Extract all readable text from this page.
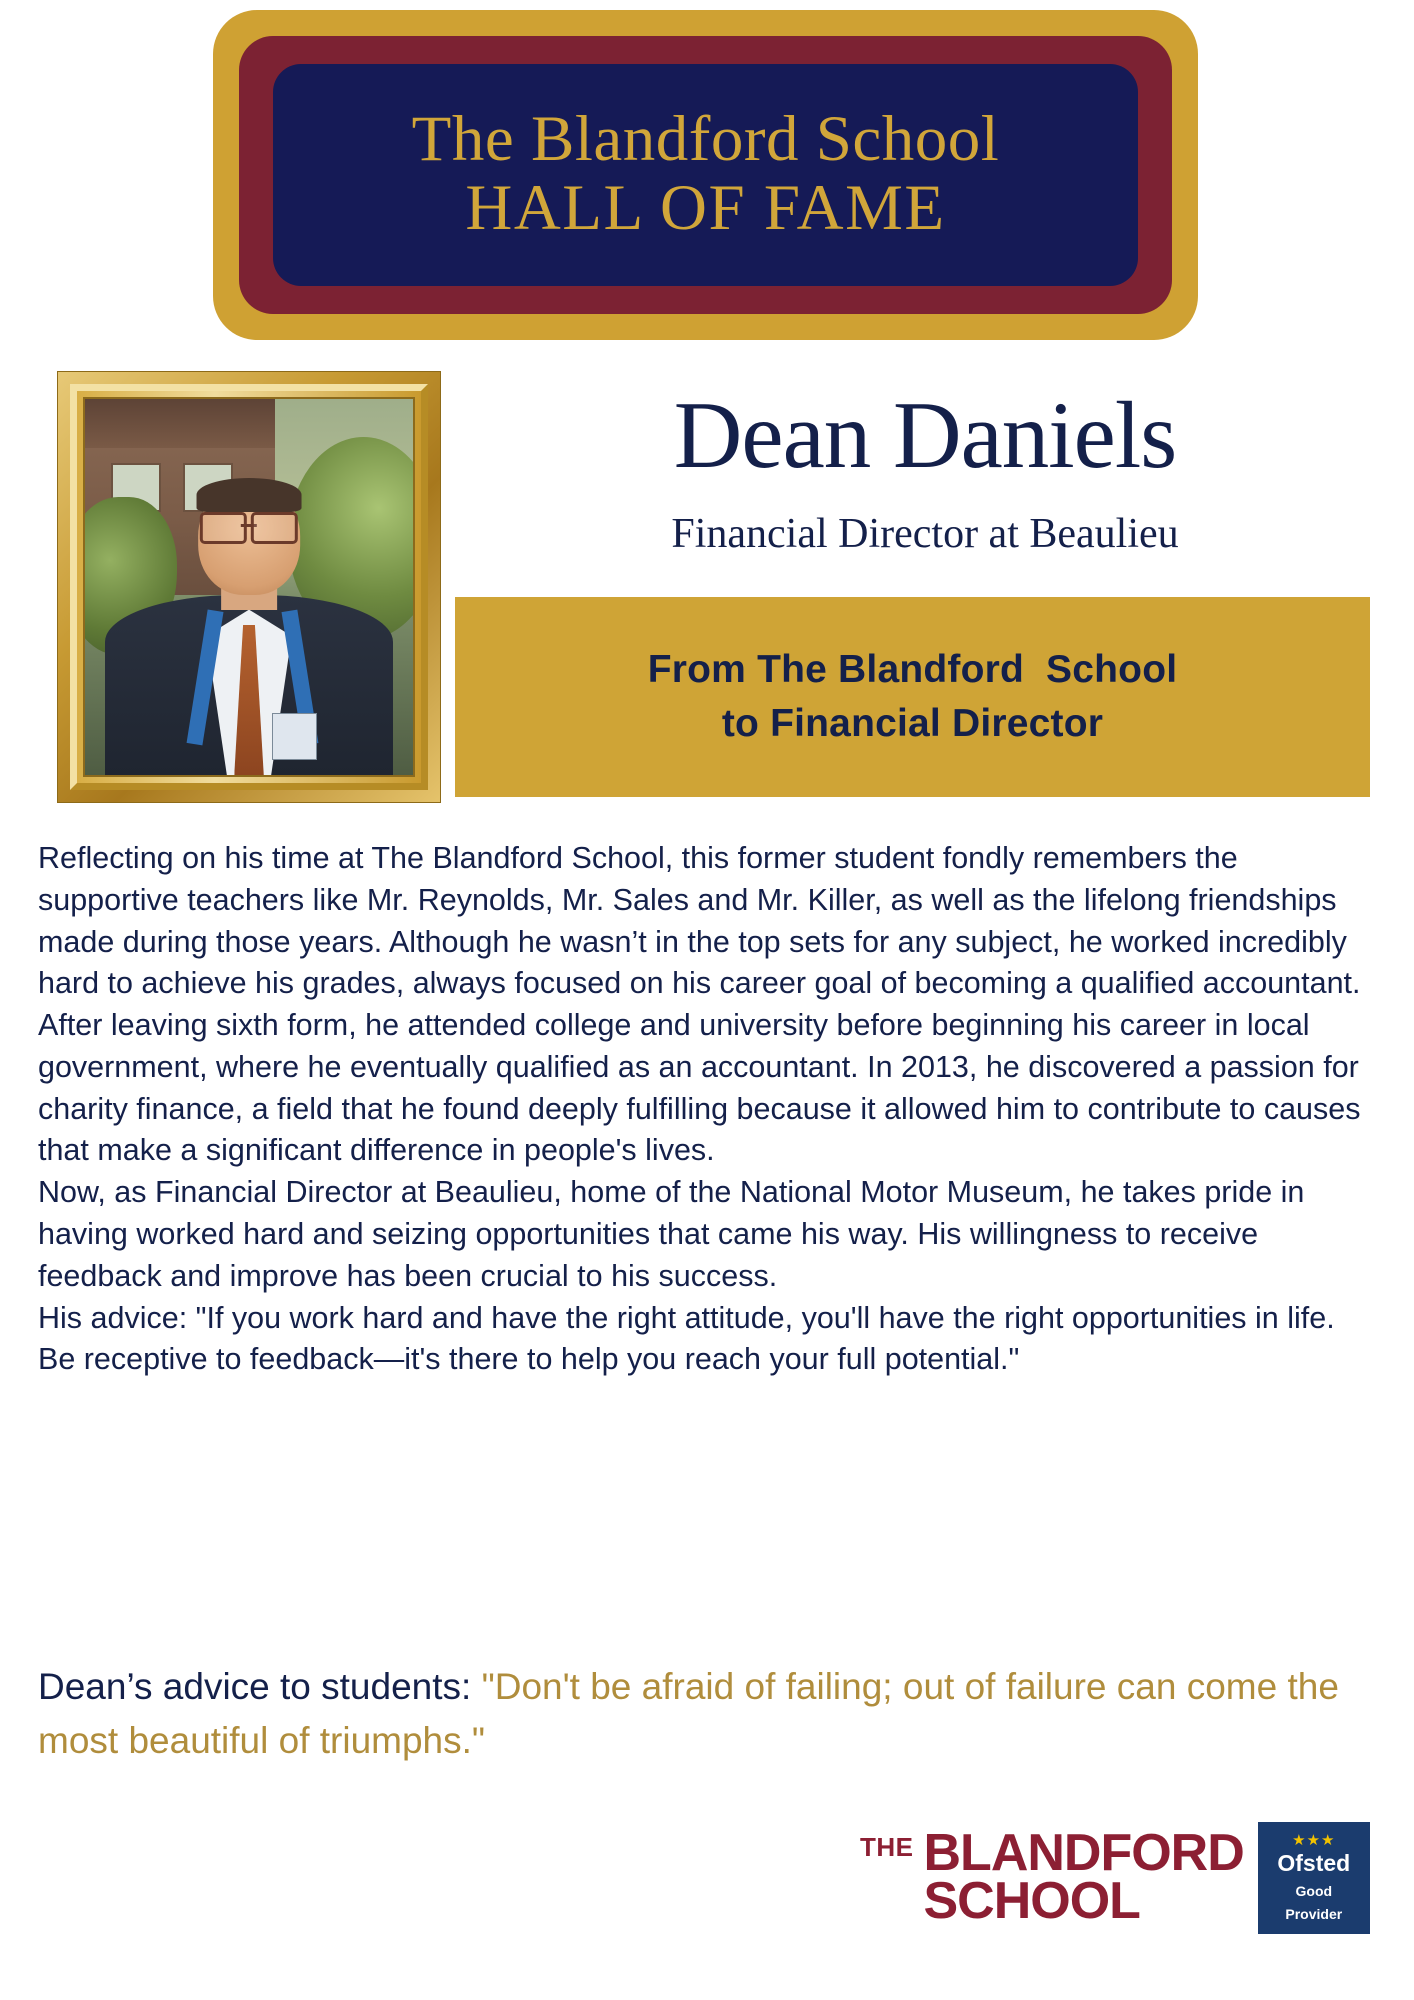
The Blandford School
HALL OF FAME
Dean Daniels
Financial Director at Beaulieu
From The Blandford  School
to Financial Director

Reflecting on his time at The Blandford School, this former student fondly remembers the supportive teachers like Mr. Reynolds, Mr. Sales and Mr. Killer, as well as the lifelong friendships made during those years. Although he wasn’t in the top sets for any subject, he worked incredibly hard to achieve his grades, always focused on his career goal of becoming a qualified accountant.

After leaving sixth form, he attended college and university before beginning his career in local government, where he eventually qualified as an accountant. In 2013, he discovered a passion for charity finance, a field that he found deeply fulfilling because it allowed him to contribute to causes that make a significant difference in people's lives.

Now, as Financial Director at Beaulieu, home of the National Motor Museum, he takes pride in having worked hard and seizing opportunities that came his way. His willingness to receive feedback and improve has been crucial to his success.

His advice: "If you work hard and have the right attitude, you'll have the right opportunities in life. Be receptive to feedback—it's there to help you reach your full potential."

Dean’s advice to students: "Don't be afraid of failing; out of failure can come the most beautiful of triumphs."
THE BLANDFORD
SCHOOL
★★★
Ofsted
Good
Provider
